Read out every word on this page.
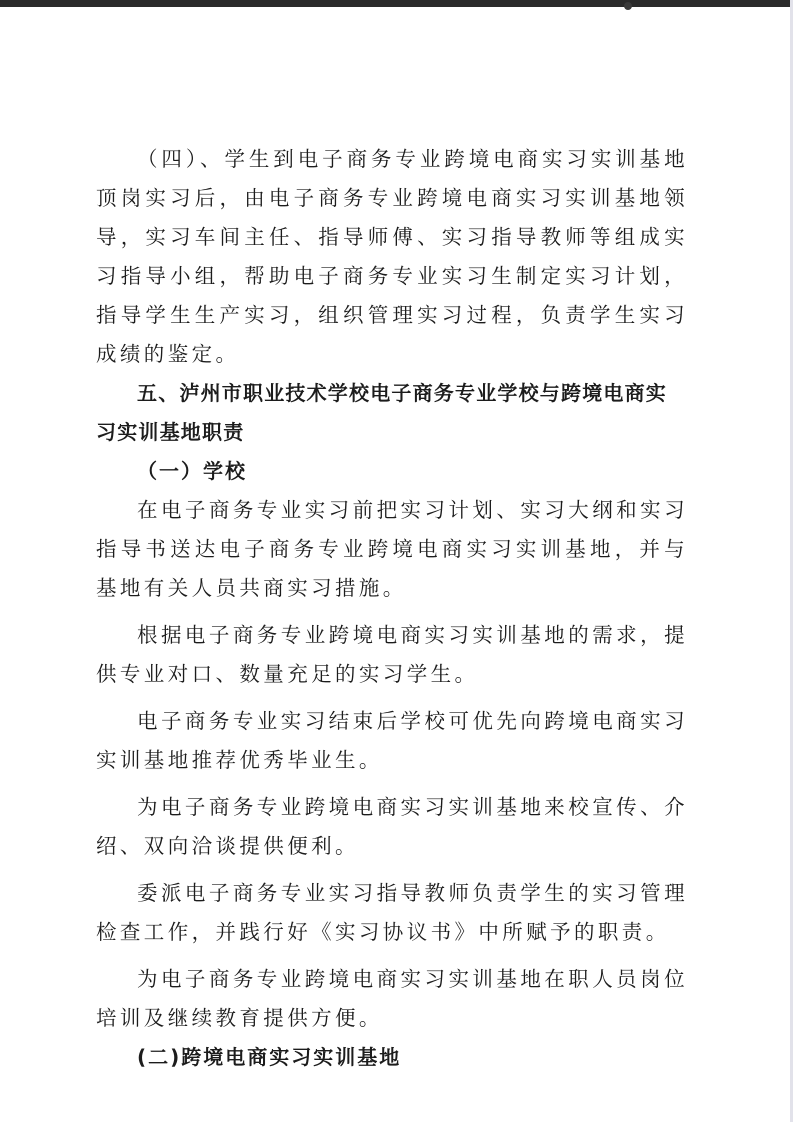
（四）、学生到电子商务专业跨境电商实习实训基地顶岗实习后，由电子商务专业跨境电商实习实训基地领导，实习车间主任、指导师傅、实习指导教师等组成实习指导小组，帮助电子商务专业实习生制定实习计划，指导学生生产实习，组织管理实习过程，负责学生实习成绩的鉴定。

五、泸州市职业技术学校电子商务专业学校与跨境电商实习实训基地职责

（一）学校

在电子商务专业实习前把实习计划、实习大纲和实习指导书送达电子商务专业跨境电商实习实训基地，并与基地有关人员共商实习措施。

根据电子商务专业跨境电商实习实训基地的需求，提供专业对口、数量充足的实习学生。

电子商务专业实习结束后学校可优先向跨境电商实习实训基地推荐优秀毕业生。

为电子商务专业跨境电商实习实训基地来校宣传、介绍、双向洽谈提供便利。

委派电子商务专业实习指导教师负责学生的实习管理检查工作，并践行好《实习协议书》中所赋予的职责。

为电子商务专业跨境电商实习实训基地在职人员岗位培训及继续教育提供方便。

(二)跨境电商实习实训基地
